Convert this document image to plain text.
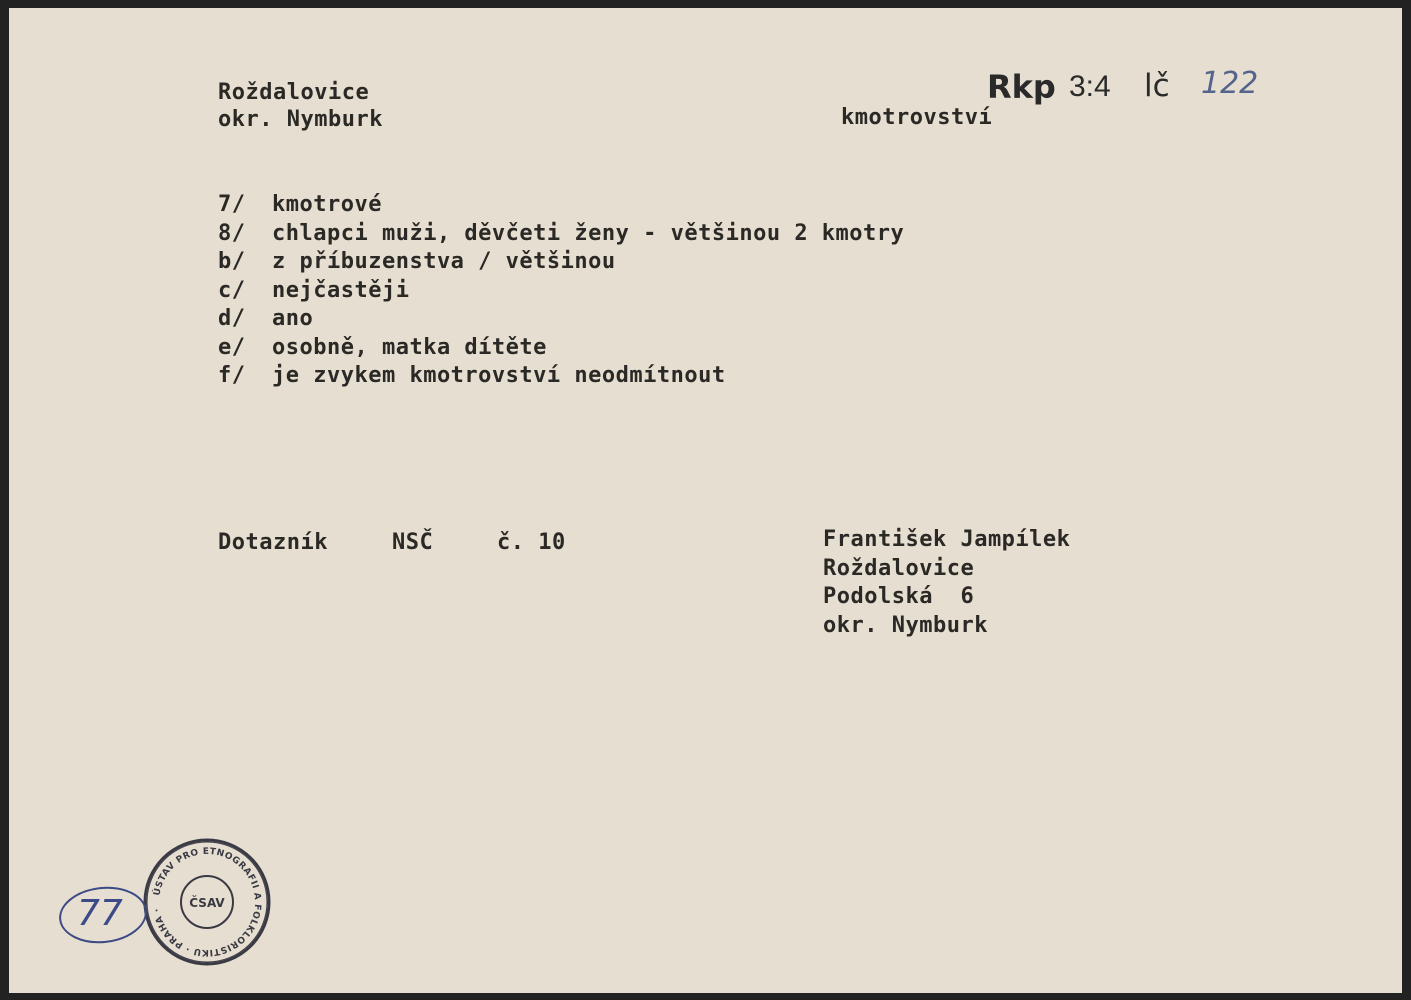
Roždalovice
okr. Nymburk	kmotrovství
Rkp 3:4 lč 122
7/ kmotrové
8/ chlapci muži, děvčeti ženy - většinou 2 kmotry
b/ z příbuzenstva / většinou
c/ nejčastěji
d/ ano
e/ osobně, matka dítěte
f/ je zvykem kmotrovství neodmítnout
Dotazník	NSČ	č. 10	František Jampílek
Roždalovice
Podolská  6
okr. Nymburk
ÚSTAV PRO ETNOGRAFII A FOLKLORISTIKU · PRAHA ·	ČSAV
77
